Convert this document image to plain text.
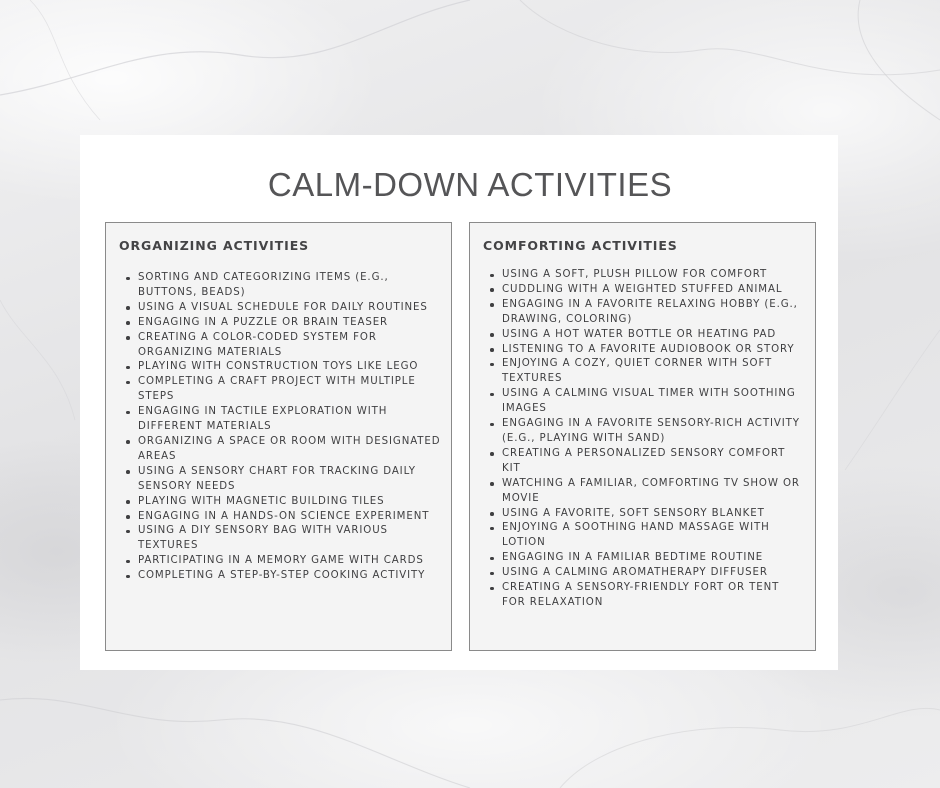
CALM-DOWN ACTIVITIES
ORGANIZING ACTIVITIES
SORTING AND CATEGORIZING ITEMS (E.G., BUTTONS, BEADS)
USING A VISUAL SCHEDULE FOR DAILY ROUTINES
ENGAGING IN A PUZZLE OR BRAIN TEASER
CREATING A COLOR-CODED SYSTEM FOR ORGANIZING MATERIALS
PLAYING WITH CONSTRUCTION TOYS LIKE LEGO
COMPLETING A CRAFT PROJECT WITH MULTIPLE STEPS
ENGAGING IN TACTILE EXPLORATION WITH DIFFERENT MATERIALS
ORGANIZING A SPACE OR ROOM WITH DESIGNATED AREAS
USING A SENSORY CHART FOR TRACKING DAILY SENSORY NEEDS
PLAYING WITH MAGNETIC BUILDING TILES
ENGAGING IN A HANDS-ON SCIENCE EXPERIMENT
USING A DIY SENSORY BAG WITH VARIOUS TEXTURES
PARTICIPATING IN A MEMORY GAME WITH CARDS
COMPLETING A STEP-BY-STEP COOKING ACTIVITY
COMFORTING ACTIVITIES
USING A SOFT, PLUSH PILLOW FOR COMFORT
CUDDLING WITH A WEIGHTED STUFFED ANIMAL
ENGAGING IN A FAVORITE RELAXING HOBBY (E.G., DRAWING, COLORING)
USING A HOT WATER BOTTLE OR HEATING PAD
LISTENING TO A FAVORITE AUDIOBOOK OR STORY
ENJOYING A COZY, QUIET CORNER WITH SOFT TEXTURES
USING A CALMING VISUAL TIMER WITH SOOTHING IMAGES
ENGAGING IN A FAVORITE SENSORY-RICH ACTIVITY (E.G., PLAYING WITH SAND)
CREATING A PERSONALIZED SENSORY COMFORT KIT
WATCHING A FAMILIAR, COMFORTING TV SHOW OR MOVIE
USING A FAVORITE, SOFT SENSORY BLANKET
ENJOYING A SOOTHING HAND MASSAGE WITH LOTION
ENGAGING IN A FAMILIAR BEDTIME ROUTINE
USING A CALMING AROMATHERAPY DIFFUSER
CREATING A SENSORY-FRIENDLY FORT OR TENT FOR RELAXATION
